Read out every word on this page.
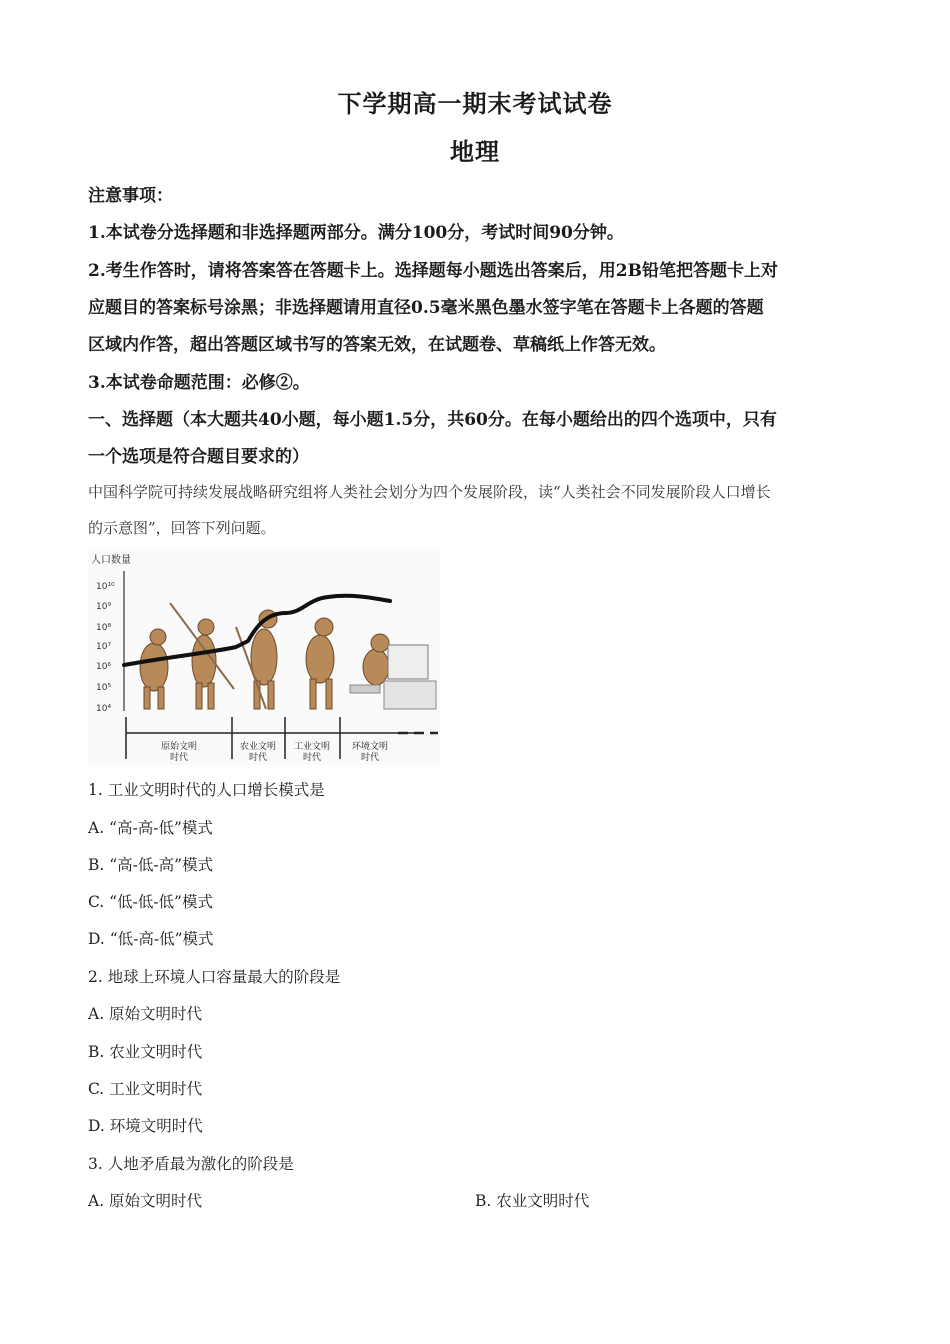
下学期高一期末考试试卷
地理
注意事项：
1.本试卷分选择题和非选择题两部分。满分100分，考试时间90分钟。
2.考生作答时，请将答案答在答题卡上。选择题每小题选出答案后，用2B铅笔把答题卡上对
应题目的答案标号涂黑；非选择题请用直径0.5毫米黑色墨水签字笔在答题卡上各题的答题
区域内作答，超出答题区域书写的答案无效，在试题卷、草稿纸上作答无效。
3.本试卷命题范围：必修②。
一、选择题（本大题共40小题，每小题1.5分，共60分。在每小题给出的四个选项中，只有
一个选项是符合题目要求的）
中国科学院可持续发展战略研究组将人类社会划分为四个发展阶段，读“人类社会不同发展阶段人口增长
的示意图”，回答下列问题。
人口数量
10¹⁰
10⁹
10⁸
10⁷
10⁶
10⁵
10⁴
原始文明
时代
农业文明
时代
工业文明
时代
环境文明
时代
1. 工业文明时代的人口增长模式是
A. “高-高-低”模式
B. “高-低-高”模式
C. “低-低-低”模式
D. “低-高-低”模式
2. 地球上环境人口容量最大的阶段是
A. 原始文明时代
B. 农业文明时代
C. 工业文明时代
D. 环境文明时代
3. 人地矛盾最为激化的阶段是
A. 原始文明时代	B. 农业文明时代
